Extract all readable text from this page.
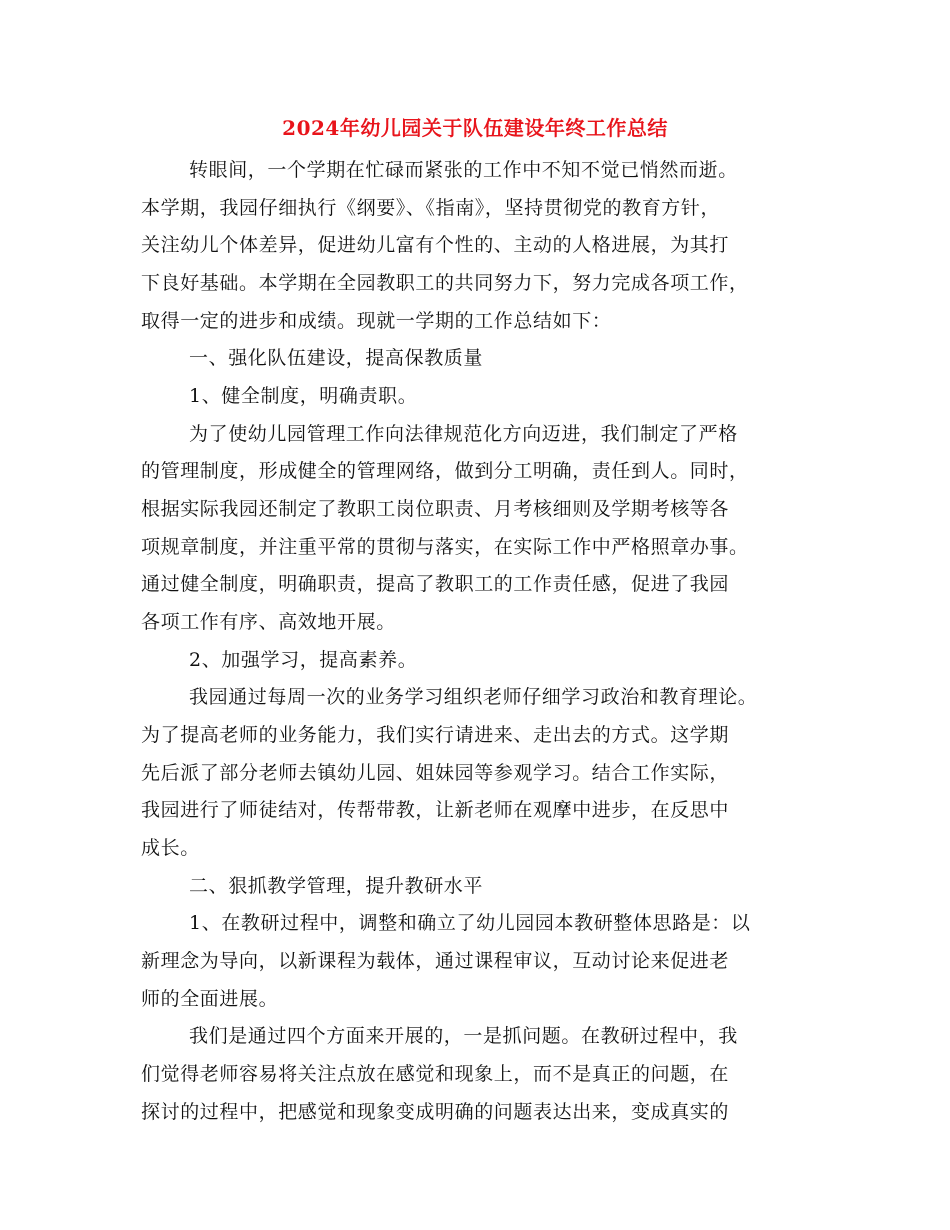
2024年幼儿园关于队伍建设年终工作总结
转眼间，一个学期在忙碌而紧张的工作中不知不觉已悄然而逝。
本学期，我园仔细执行《纲要》、《指南》，坚持贯彻党的教育方针，
关注幼儿个体差异，促进幼儿富有个性的、主动的人格进展，为其打
下良好基础。本学期在全园教职工的共同努力下，努力完成各项工作，
取得一定的进步和成绩。现就一学期的工作总结如下：
一、强化队伍建设，提高保教质量
1、健全制度，明确责职。
为了使幼儿园管理工作向法律规范化方向迈进，我们制定了严格
的管理制度，形成健全的管理网络，做到分工明确，责任到人。同时，
根据实际我园还制定了教职工岗位职责、月考核细则及学期考核等各
项规章制度，并注重平常的贯彻与落实，在实际工作中严格照章办事。
通过健全制度，明确职责，提高了教职工的工作责任感，促进了我园
各项工作有序、高效地开展。
2、加强学习，提高素养。
我园通过每周一次的业务学习组织老师仔细学习政治和教育理论。
为了提高老师的业务能力，我们实行请进来、走出去的方式。这学期
先后派了部分老师去镇幼儿园、姐妹园等参观学习。结合工作实际，
我园进行了师徒结对，传帮带教，让新老师在观摩中进步，在反思中
成长。
二、狠抓教学管理，提升教研水平
1、在教研过程中，调整和确立了幼儿园园本教研整体思路是：以
新理念为导向，以新课程为载体，通过课程审议，互动讨论来促进老
师的全面进展。
我们是通过四个方面来开展的，一是抓问题。在教研过程中，我
们觉得老师容易将关注点放在感觉和现象上，而不是真正的问题，在
探讨的过程中，把感觉和现象变成明确的问题表达出来，变成真实的
